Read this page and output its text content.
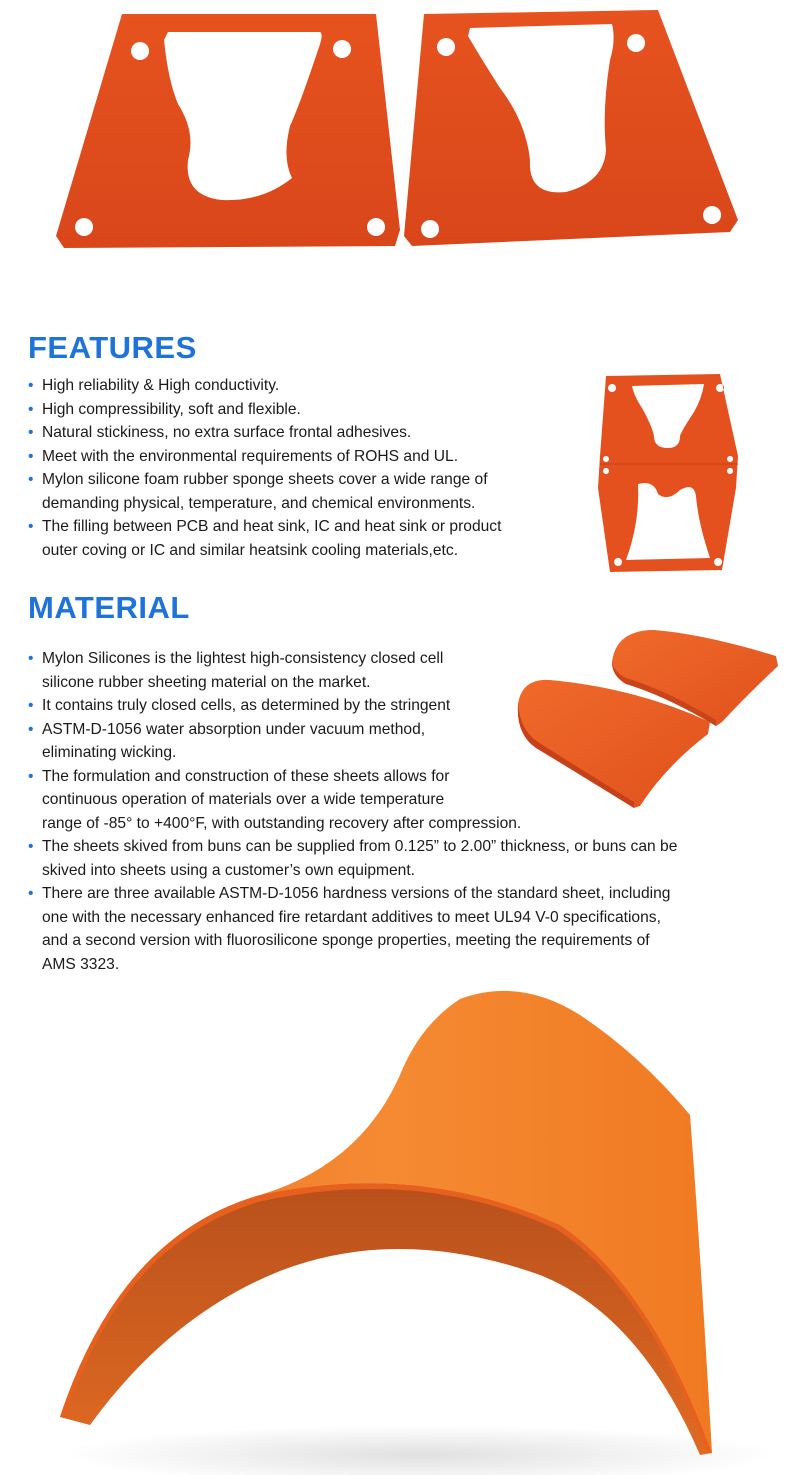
FEATURES
• High reliability & High conductivity.
• High compressibility, soft and flexible.
• Natural stickiness, no extra surface frontal adhesives.
• Meet with the environmental requirements of ROHS and UL.
• Mylon silicone foam rubber sponge sheets cover a wide range of
demanding physical, temperature, and chemical environments.
• The filling between PCB and heat sink, IC and heat sink or product
outer coving or IC and similar heatsink cooling materials,etc.
MATERIAL
• Mylon Silicones is the lightest high-consistency closed cell
silicone rubber sheeting material on the market.
• It contains truly closed cells, as determined by the stringent
• ASTM-D-1056 water absorption under vacuum method,
eliminating wicking.
• The formulation and construction of these sheets allows for
continuous operation of materials over a wide temperature
range of -85° to +400°F, with outstanding recovery after compression.
• The sheets skived from buns can be supplied from 0.125” to 2.00” thickness, or buns can be
skived into sheets using a customer’s own equipment.
• There are three available ASTM-D-1056 hardness versions of the standard sheet, including
one with the necessary enhanced fire retardant additives to meet UL94 V-0 specifications,
and a second version with fluorosilicone sponge properties, meeting the requirements of
AMS 3323.
